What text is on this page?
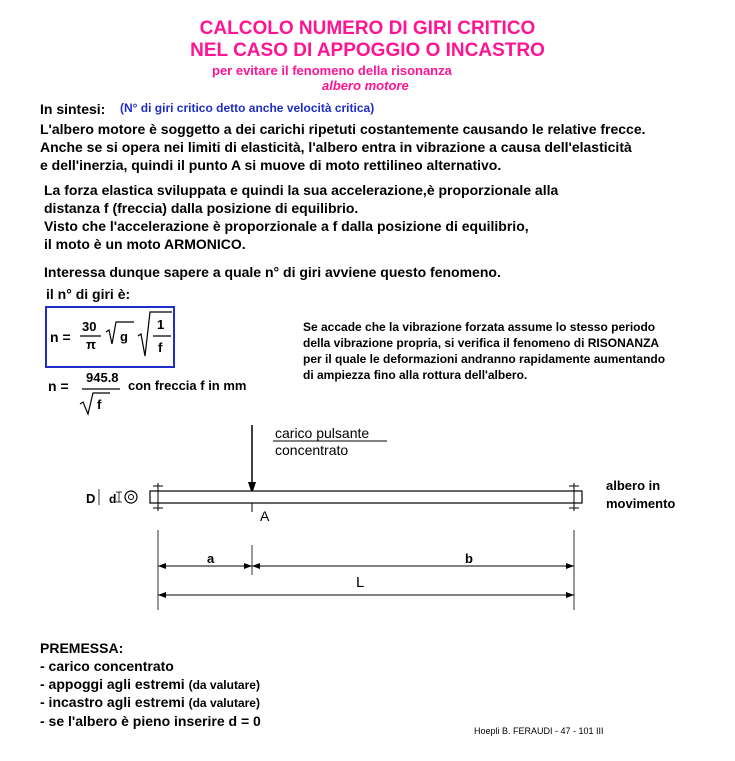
CALCOLO NUMERO DI GIRI CRITICO
NEL CASO DI APPOGGIO O INCASTRO
per evitare il fenomeno della risonanza
albero motore
In sintesi: (N° di giri critico detto anche velocità critica)
L'albero motore è soggetto a dei carichi ripetuti costantemente causando le relative frecce.
Anche se si opera nei limiti di elasticità, l'albero entra in vibrazione a causa dell'elasticità
e dell'inerzia, quindi il punto A si muove di moto rettilineo alternativo.
La forza elastica sviluppata e quindi la sua accelerazione,è proporzionale alla
distanza f (freccia) dalla posizione di equilibrio.
Visto che l'accelerazione è proporzionale a f dalla posizione di equilibrio,
il moto è un moto ARMONICO.
Interessa dunque sapere a quale n° di giri avviene questo fenomeno.
il n° di giri è:
n =
30
π
g
1
f
n =
945.8
f
con freccia f in mm
Se accade che la vibrazione forzata assume lo stesso periodo
della vibrazione propria, si verifica il fenomeno di RISONANZA
per il quale le deformazioni andranno rapidamente aumentando
di ampiezza fino alla rottura dell'albero.
carico pulsante
concentrato
albero in
movimento
D d
A
a	b
L
PREMESSA:
- carico concentrato
- appoggi agli estremi (da valutare)
- incastro agli estremi (da valutare)
- se l'albero è pieno inserire d = 0
Hoepli B. FERAUDI - 47 - 101 III
